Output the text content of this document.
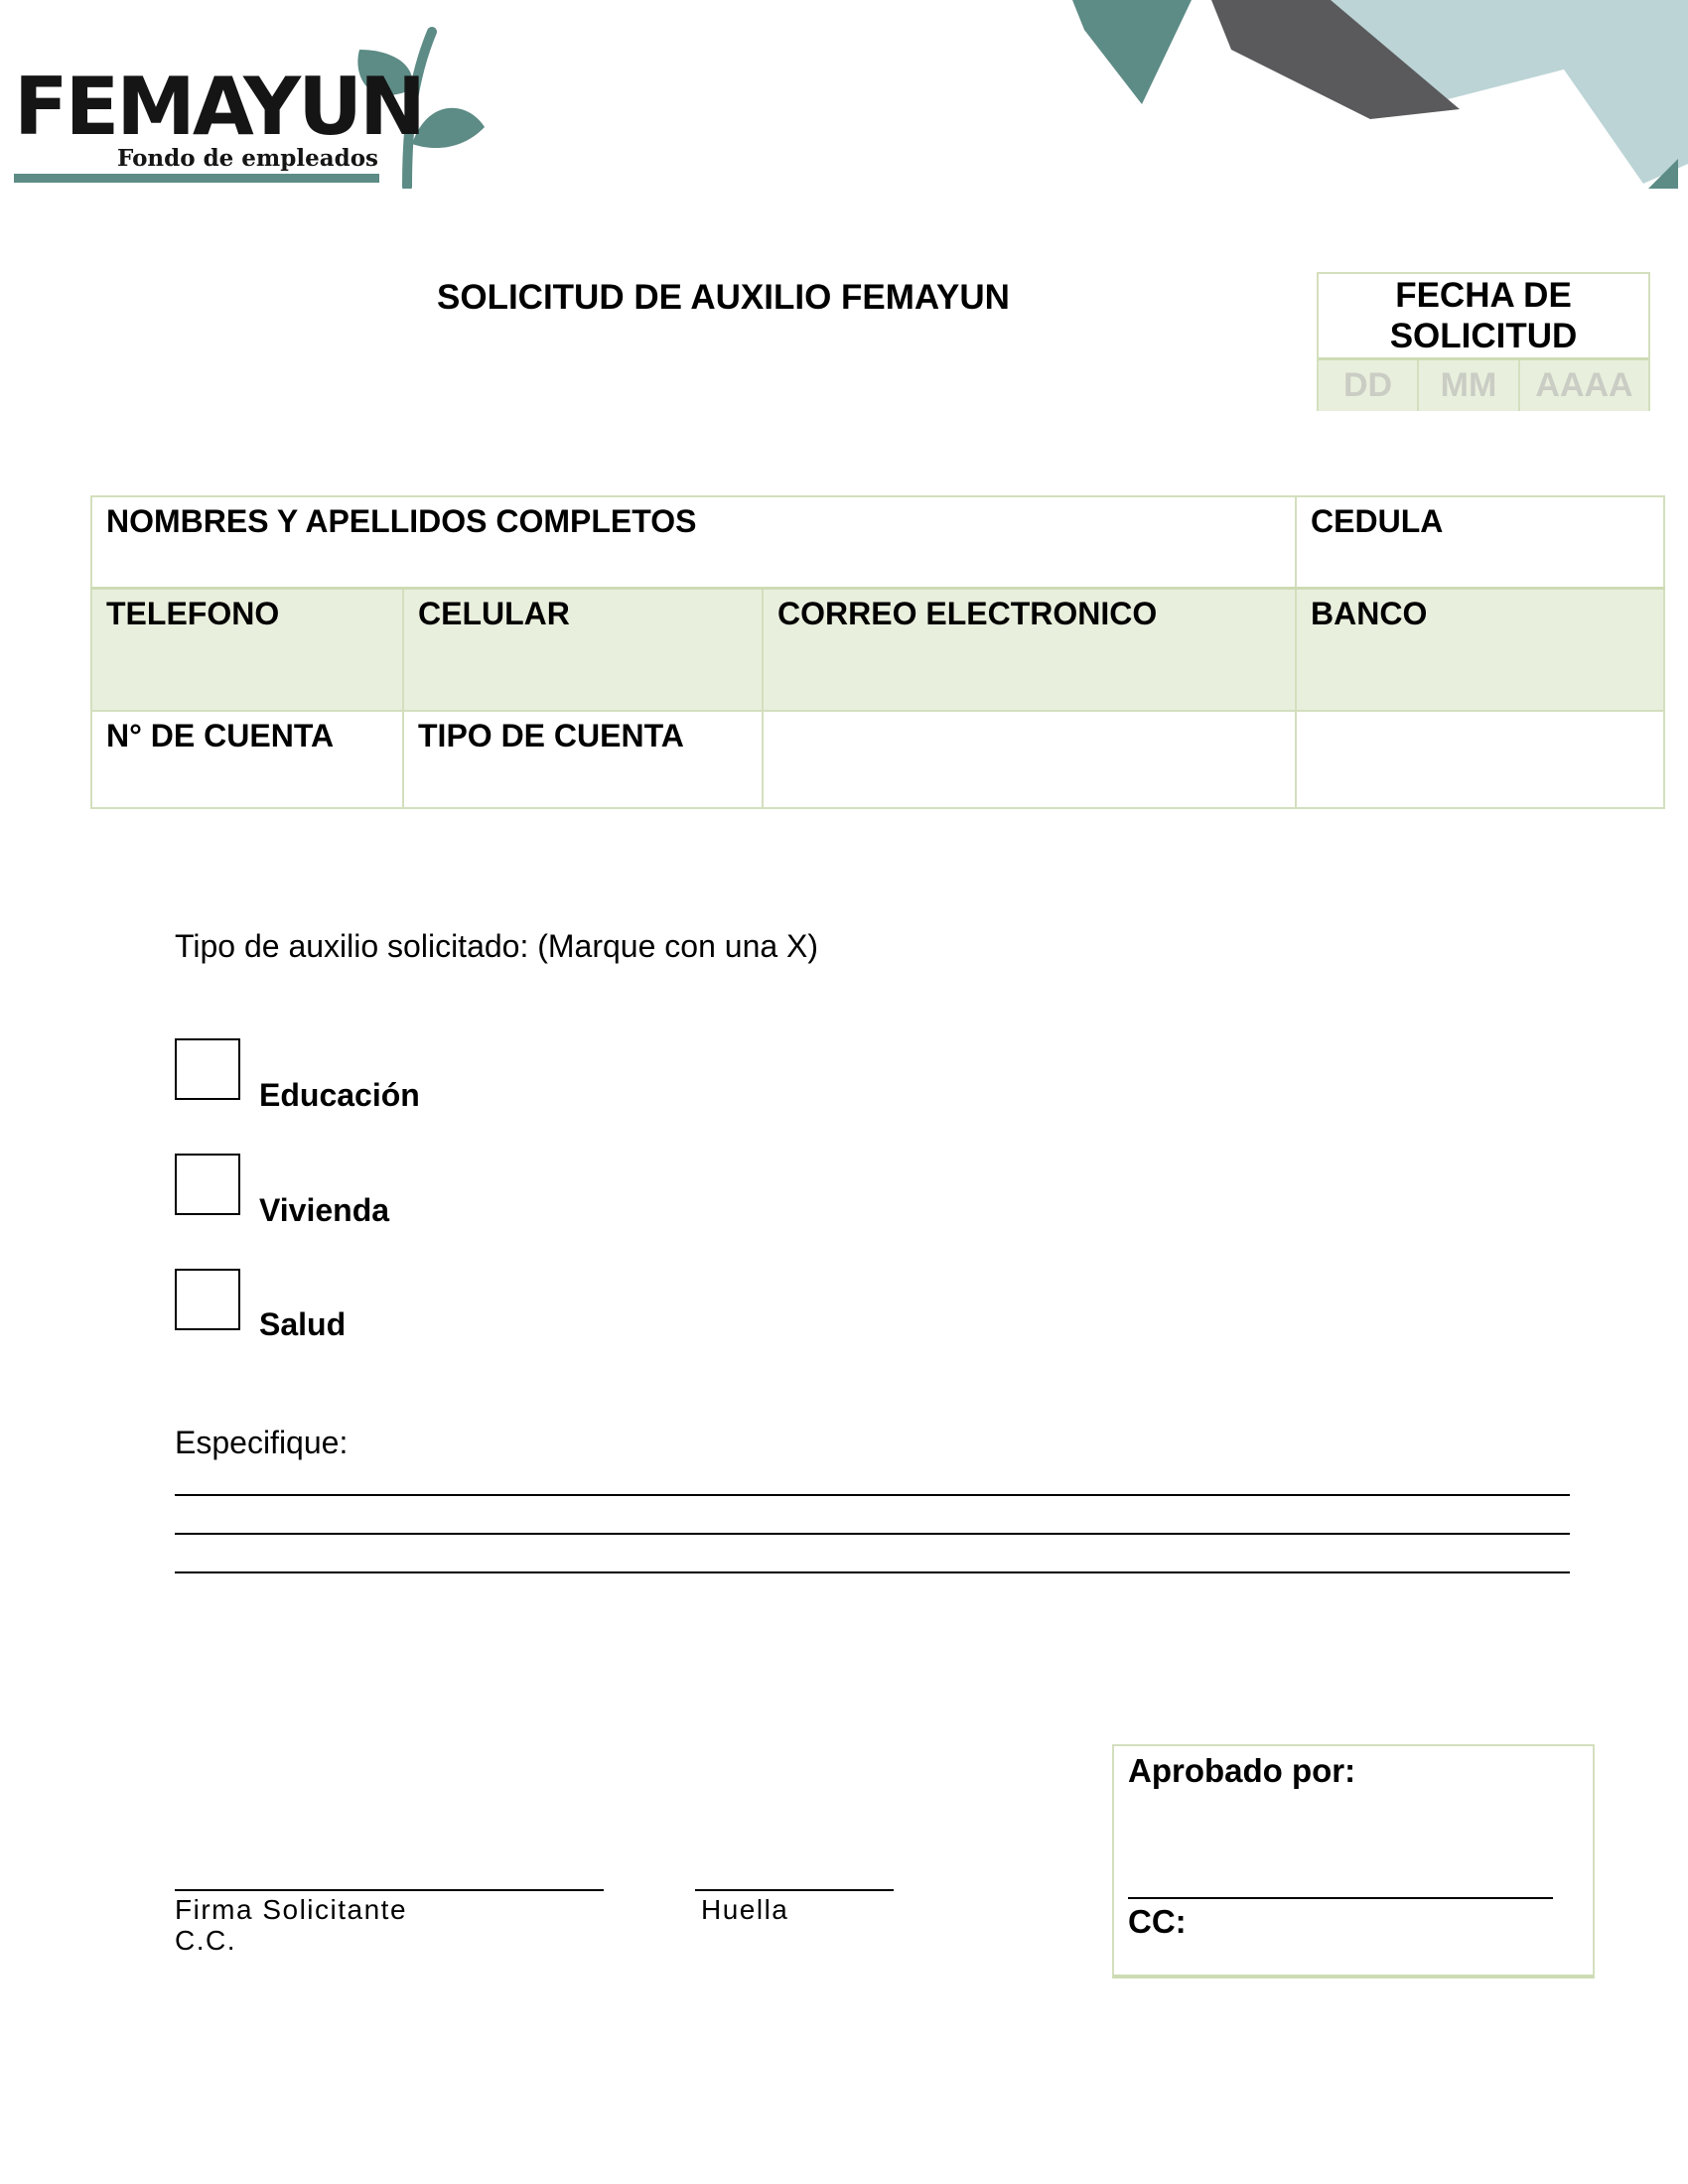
FEMAYUN
Fondo de empleados
SOLICITUD DE AUXILIO FEMAYUN	FECHA DE SOLICITUD
DD	MM	AAAA
NOMBRES Y APELLIDOS COMPLETOS			CEDULA
TELEFONO	CELULAR	CORREO ELECTRONICO	BANCO
N° DE CUENTA	TIPO DE CUENTA		
Tipo de auxilio solicitado: (Marque con una X)
Educación
Vivienda
Salud
Especifique:
Firma Solicitante
C.C.
Huella
Aprobado por:
CC:
